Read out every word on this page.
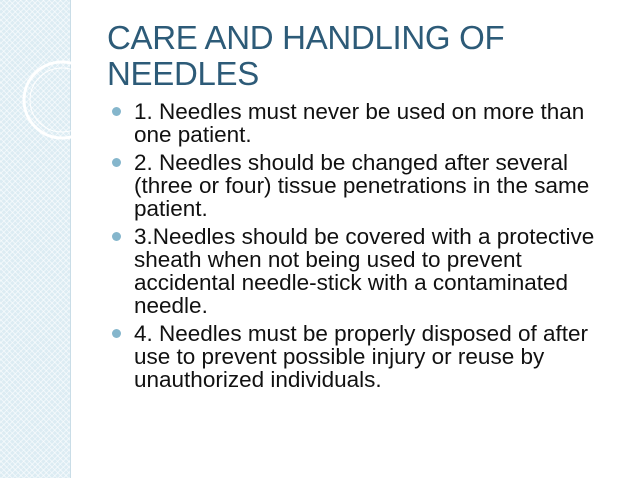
CARE AND HANDLING OF NEEDLES
1. Needles must never be used on more than one patient.
2. Needles should be changed after several (three or four) tissue penetrations in the same patient.
3.Needles should be covered with a protective sheath when not being used to prevent accidental needle-stick with a contaminated needle.
4. Needles must be properly disposed of after use to prevent possible injury or reuse by unauthorized individuals.
